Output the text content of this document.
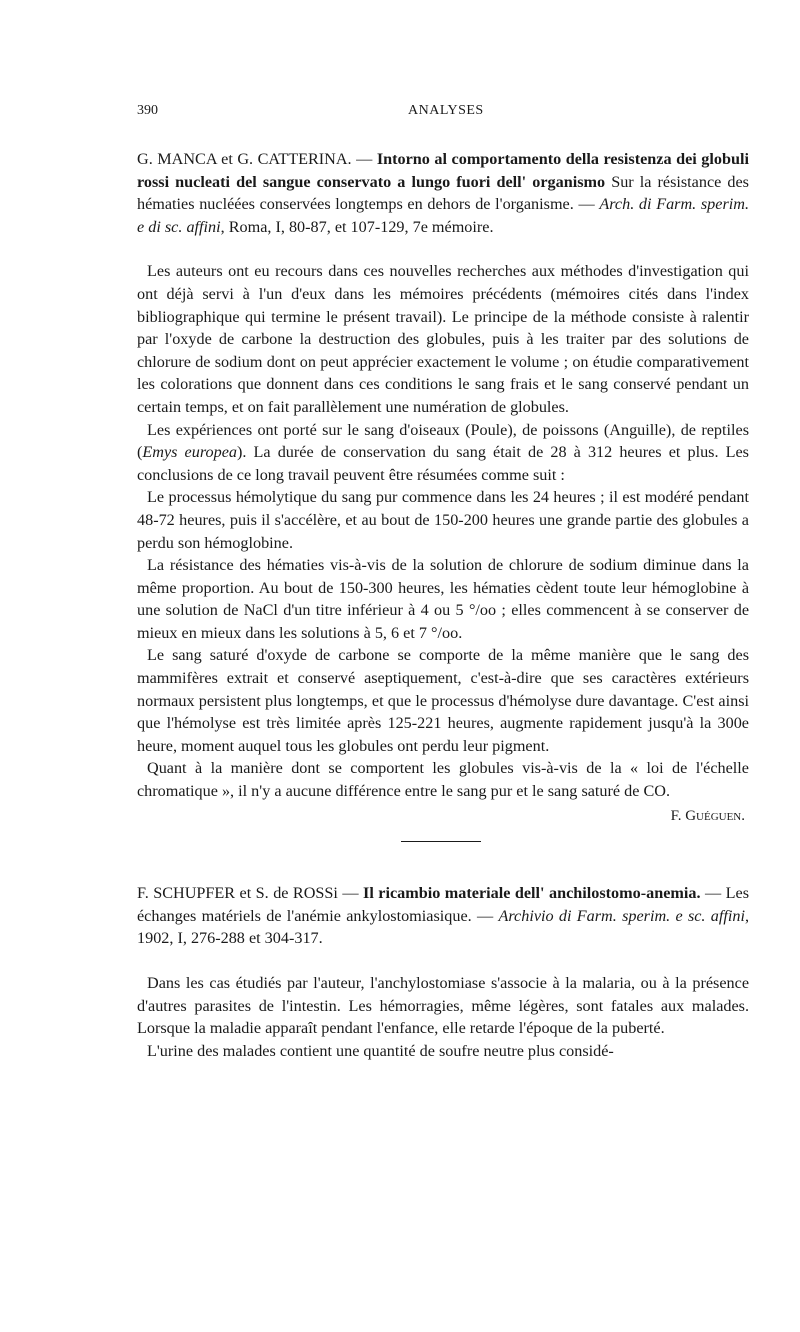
390	ANALYSES

G. MANCA et G. CATTERINA. — Intorno al comportamento della resistenza dei globuli rossi nucleati del sangue conservato a lungo fuori dell' organismo Sur la résistance des hématies nucléées conservées longtemps en dehors de l'organisme. — Arch. di Farm. sperim. e di sc. affini, Roma, I, 80-87, et 107-129, 7e mémoire.

Les auteurs ont eu recours dans ces nouvelles recherches aux méthodes d'investigation qui ont déjà servi à l'un d'eux dans les mémoires précédents (mémoires cités dans l'index bibliographique qui termine le présent travail). Le principe de la méthode consiste à ralentir par l'oxyde de carbone la destruction des globules, puis à les traiter par des solutions de chlorure de sodium dont on peut apprécier exactement le volume ; on étudie comparativement les colorations que donnent dans ces conditions le sang frais et le sang conservé pendant un certain temps, et on fait parallèlement une numération de globules.

Les expériences ont porté sur le sang d'oiseaux (Poule), de poissons (Anguille), de reptiles (Emys europea). La durée de conservation du sang était de 28 à 312 heures et plus. Les conclusions de ce long travail peuvent être résumées comme suit :

Le processus hémolytique du sang pur commence dans les 24 heures ; il est modéré pendant 48-72 heures, puis il s'accélère, et au bout de 150-200 heures une grande partie des globules a perdu son hémoglobine.

La résistance des hématies vis-à-vis de la solution de chlorure de sodium diminue dans la même proportion. Au bout de 150-300 heures, les hématies cèdent toute leur hémoglobine à une solution de NaCl d'un titre inférieur à 4 ou 5 °/oo ; elles commencent à se conserver de mieux en mieux dans les solutions à 5, 6 et 7 °/oo.

Le sang saturé d'oxyde de carbone se comporte de la même manière que le sang des mammifères extrait et conservé aseptiquement, c'est-à-dire que ses caractères extérieurs normaux persistent plus longtemps, et que le processus d'hémolyse dure davantage. C'est ainsi que l'hémolyse est très limitée après 125-221 heures, augmente rapidement jusqu'à la 300e heure, moment auquel tous les globules ont perdu leur pigment.

Quant à la manière dont se comportent les globules vis-à-vis de la « loi de l'échelle chromatique », il n'y a aucune différence entre le sang pur et le sang saturé de CO.

F. Guéguen.

F. SCHUPFER et S. de ROSSi — Il ricambio materiale dell' anchilostomo-anemia. — Les échanges matériels de l'anémie ankylostomiasique. — Archivio di Farm. sperim. e sc. affini, 1902, I, 276-288 et 304-317.

Dans les cas étudiés par l'auteur, l'anchylostomiase s'associe à la malaria, ou à la présence d'autres parasites de l'intestin. Les hémorragies, même légères, sont fatales aux malades. Lorsque la maladie apparaît pendant l'enfance, elle retarde l'époque de la puberté.

L'urine des malades contient une quantité de soufre neutre plus considé-
